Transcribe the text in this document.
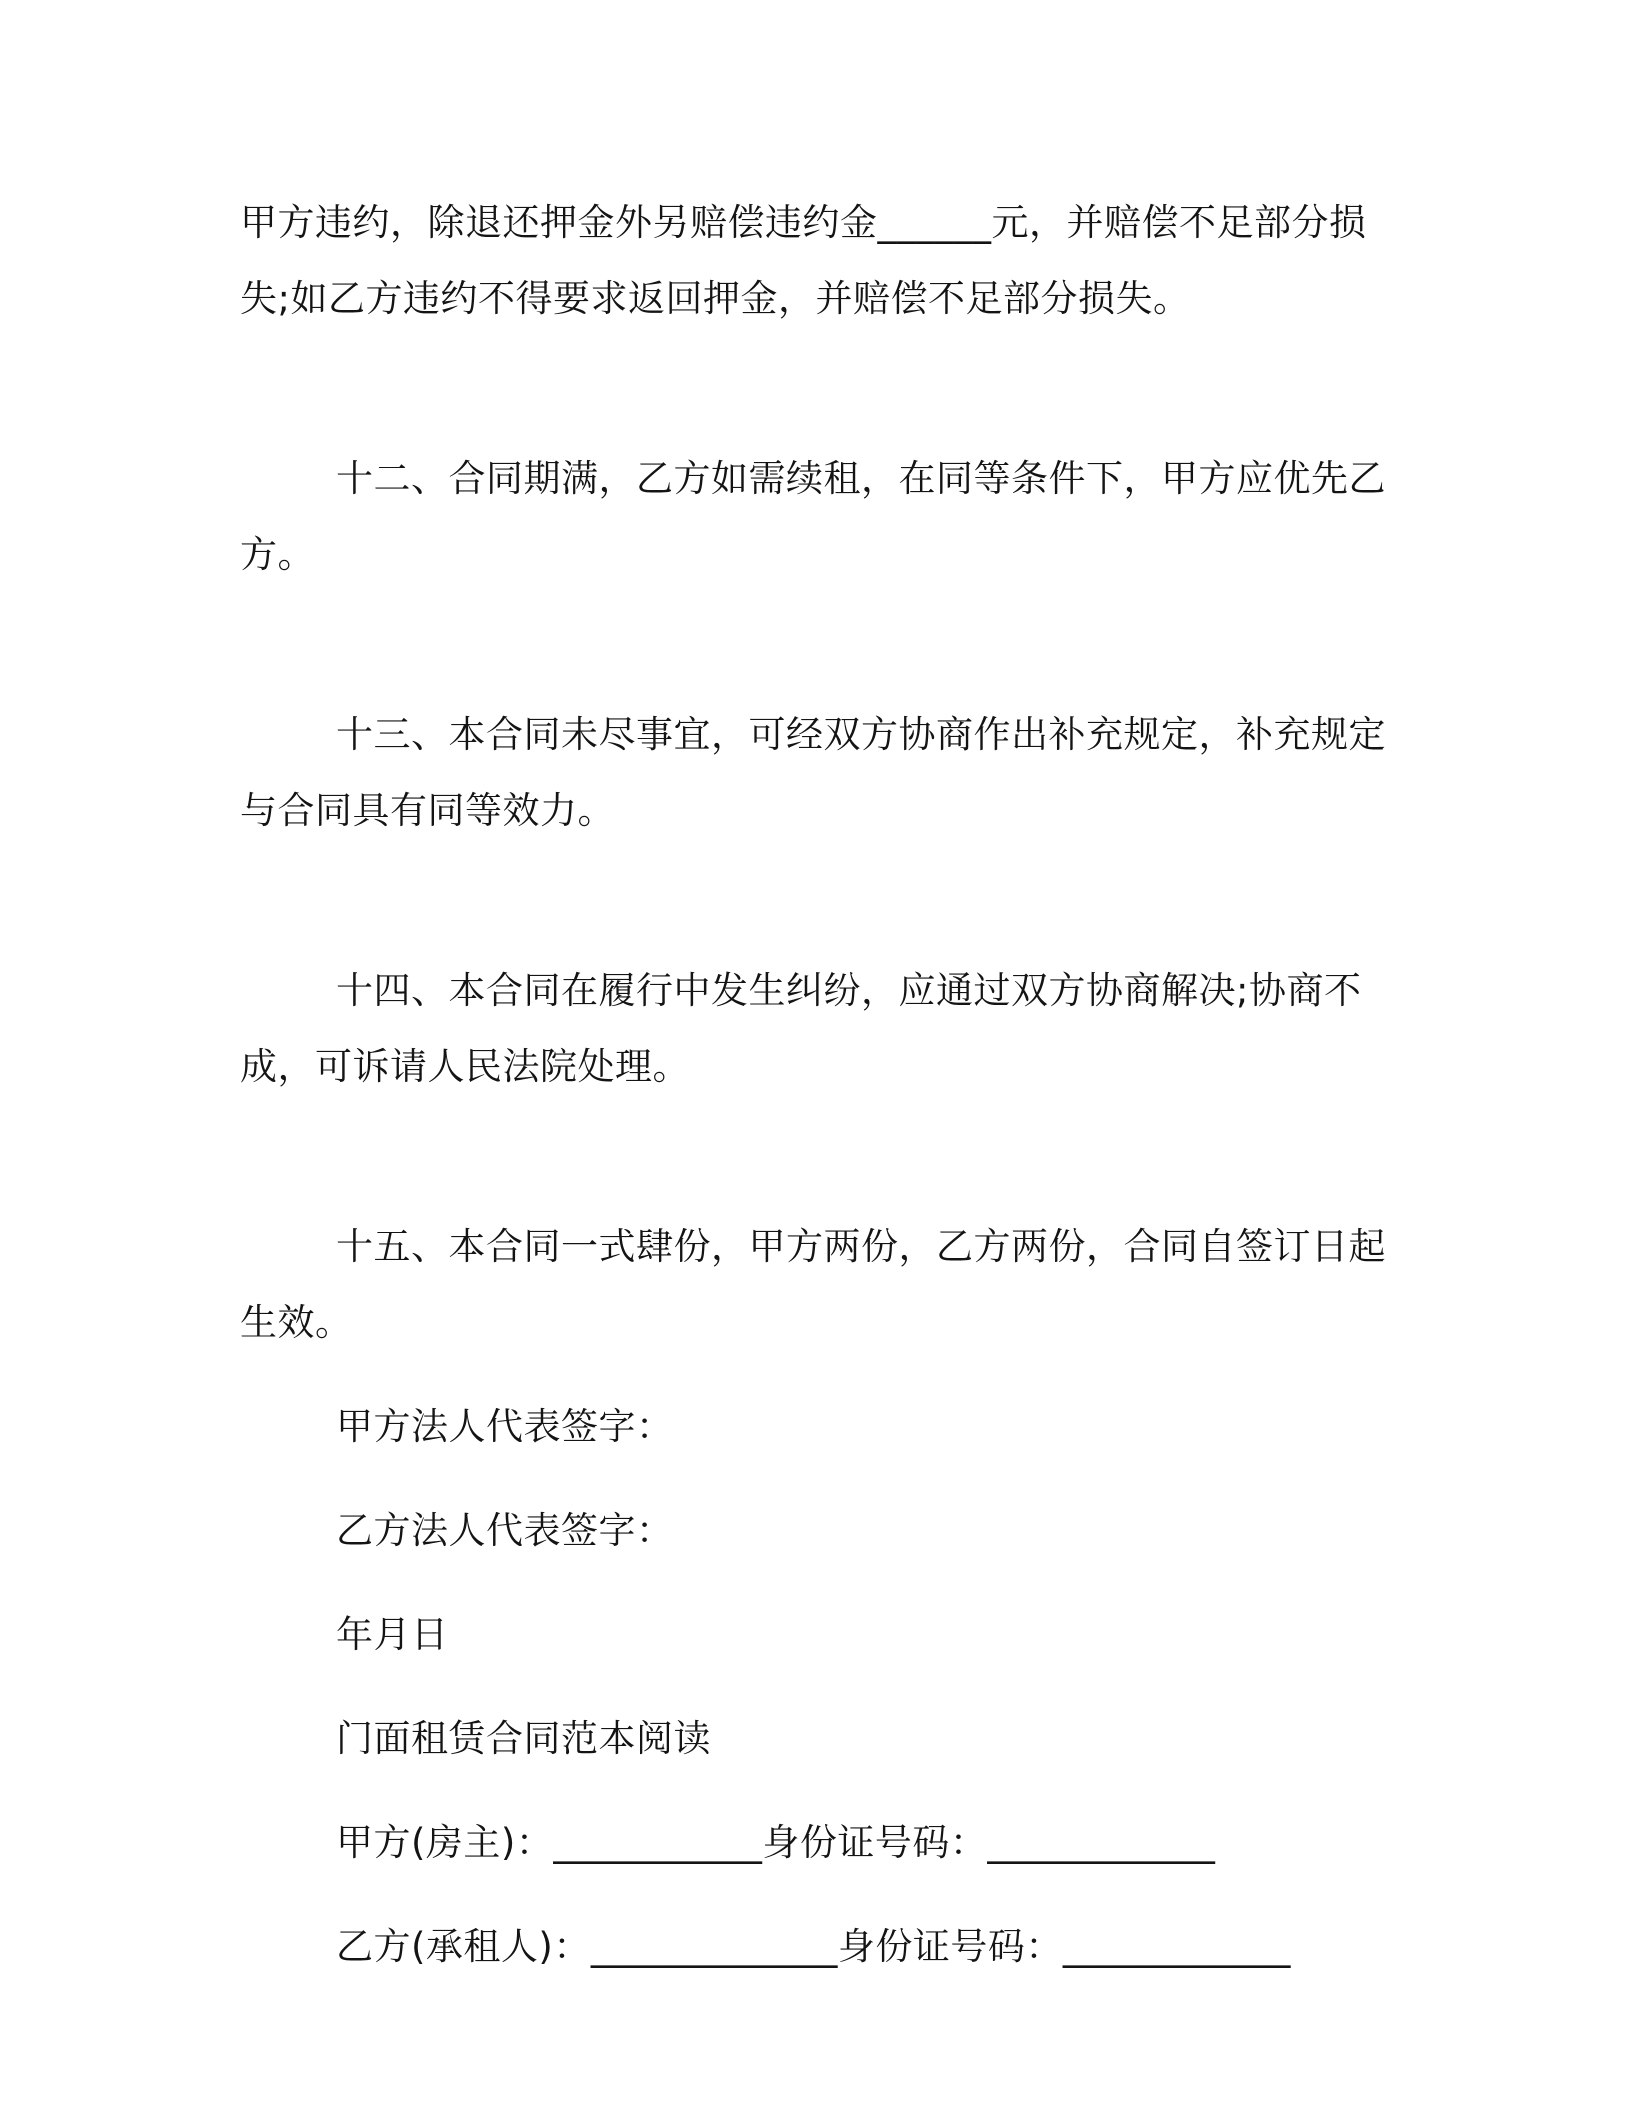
甲方违约，除退还押金外另赔偿违约金______元，并赔偿不足部分损
失;如乙方违约不得要求返回押金，并赔偿不足部分损失。
十二、合同期满，乙方如需续租，在同等条件下，甲方应优先乙
方。
十三、本合同未尽事宜，可经双方协商作出补充规定，补充规定
与合同具有同等效力。
十四、本合同在履行中发生纠纷，应通过双方协商解决;协商不
成，可诉请人民法院处理。
十五、本合同一式肆份，甲方两份，乙方两份，合同自签订日起
生效。
甲方法人代表签字：
乙方法人代表签字：
年月日
门面租赁合同范本阅读
甲方(房主)：___________身份证号码：____________
乙方(承租人)：_____________身份证号码：____________
